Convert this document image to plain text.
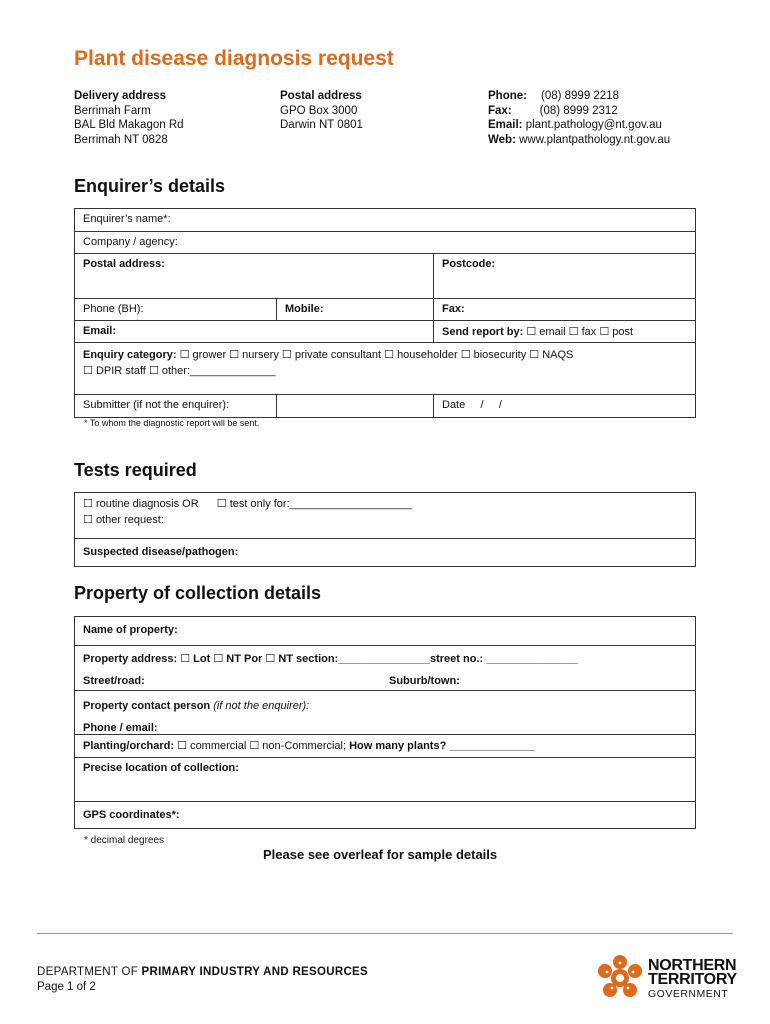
Plant disease diagnosis request
Delivery address
Berrimah Farm
BAL Bld Makagon Rd
Berrimah NT 0828
Postal address
GPO Box 3000
Darwin NT 0801
Phone: (08) 8999 2218
Fax: (08) 8999 2312
Email: plant.pathology@nt.gov.au
Web: www.plantpathology.nt.gov.au
Enquirer’s details
Enquirer’s name*:
Company / agency:
Postal address:	Postcode:
Phone (BH):	Mobile:	Fax:
Email:	Send report by: ☐ email ☐ fax ☐ post
Enquiry category: ☐ grower ☐ nursery ☐ private consultant ☐ householder ☐ biosecurity ☐ NAQS
☐ DPIR staff ☐ other:______________
Submitter (if not the enquirer):	Date     /     /
* To whom the diagnostic report will be sent.
Tests required
☐ routine diagnosis OR ☐ test only for:____________________
☐ other request:
Suspected disease/pathogen:
Property of collection details
Name of property:
Property address: ☐ Lot ☐ NT Por ☐ NT section:_______________street no.: _______________
Street/road:	Suburb/town:
Property contact person (if not the enquirer):
Phone / email:
Planting/orchard: ☐ commercial ☐ non-Commercial; How many plants? ______________
Precise location of collection:
GPS coordinates*:
* decimal degrees
Please see overleaf for sample details
DEPARTMENT OF PRIMARY INDUSTRY AND RESOURCES
Page 1 of 2
NORTHERN
TERRITORY
GOVERNMENT
